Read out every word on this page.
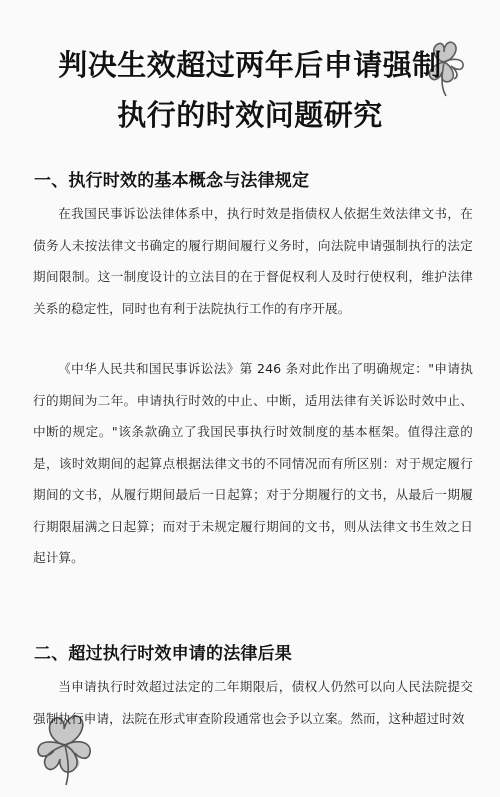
判决生效超过两年后申请强制
执行的时效问题研究
一、执行时效的基本概念与法律规定

在我国民事诉讼法律体系中，执行时效是指债权人依据生效法律文书，在债务人未按法律文书确定的履行期间履行义务时，向法院申请强制执行的法定期间限制。这一制度设计的立法目的在于督促权利人及时行使权利，维护法律关系的稳定性，同时也有利于法院执行工作的有序开展。

《中华人民共和国民事诉讼法》第 246 条对此作出了明确规定："申请执行的期间为二年。申请执行时效的中止、中断，适用法律有关诉讼时效中止、中断的规定。"该条款确立了我国民事执行时效制度的基本框架。值得注意的是，该时效期间的起算点根据法律文书的不同情况而有所区别：对于规定履行期间的文书，从履行期间最后一日起算；对于分期履行的文书，从最后一期履行期限届满之日起算；而对于未规定履行期间的文书，则从法律文书生效之日起计算。

二、超过执行时效申请的法律后果

当申请执行时效超过法定的二年期限后，债权人仍然可以向人民法院提交强制执行申请，法院在形式审查阶段通常也会予以立案。然而，这种超过时效
